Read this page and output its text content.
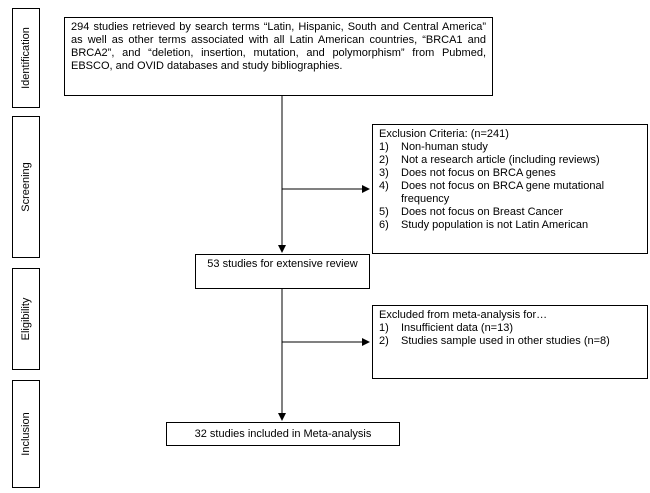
Identification
Screening
Eligibility
Inclusion
294 studies retrieved by search terms “Latin, Hispanic, South and Central America” as well as other terms associated with all Latin American countries, “BRCA1 and BRCA2”, and “deletion, insertion, mutation, and polymorphism” from Pubmed, EBSCO, and OVID databases and study bibliographies.
Exclusion Criteria: (n=241)
1) Non-human study
2) Not a research article (including reviews)
3) Does not focus on BRCA genes
4) Does not focus on BRCA gene mutational frequency
5) Does not focus on Breast Cancer
6) Study population is not Latin American
53 studies for extensive review
Excluded from meta-analysis for…
1) Insufficient data (n=13)
2) Studies sample used in other studies (n=8)
32 studies included in Meta-analysis
